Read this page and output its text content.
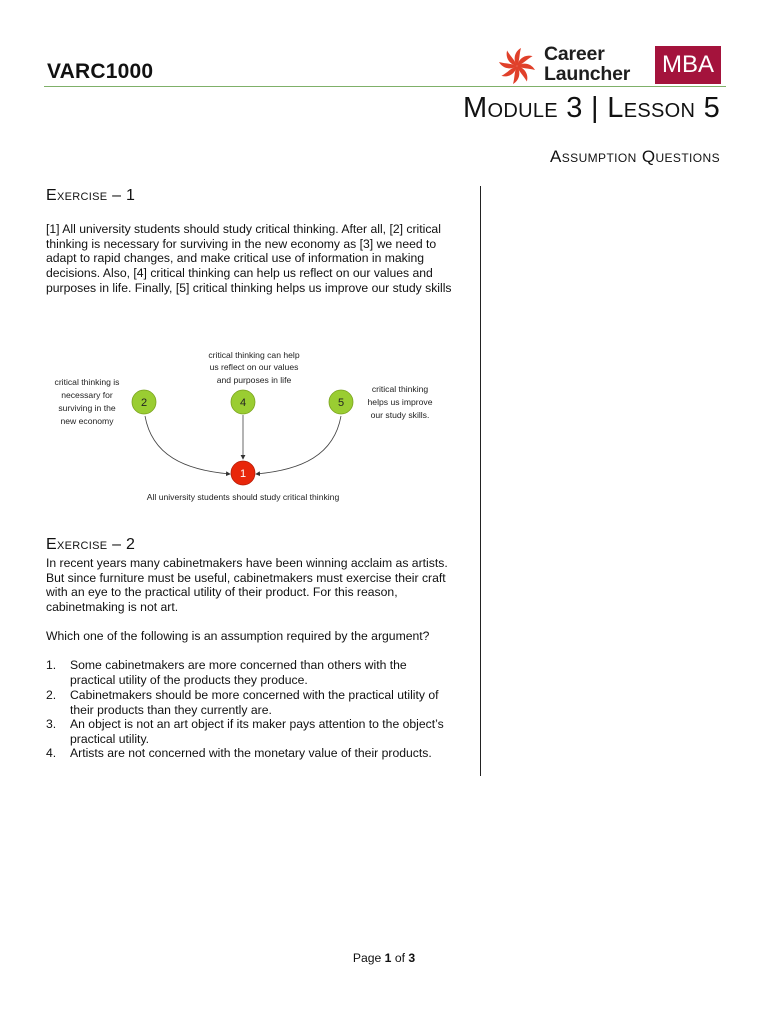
VARC1000
Career
Launcher MBA
Module 3 | Lesson 5
Assumption Questions
Exercise – 1
[1] All university students should study critical thinking. After all, [2] critical
thinking is necessary for surviving in the new economy as [3] we need to
adapt to rapid changes, and make critical use of information in making
decisions. Also, [4] critical thinking can help us reflect on our values and
purposes in life. Finally, [5] critical thinking helps us improve our study skills
2	4	5
1
critical thinking is
necessary for
surviving in the
new economy
critical thinking can help
us reflect on our values
and purposes in life
critical thinking
helps us improve
our study skills.
All university students should study critical thinking
Exercise – 2
In recent years many cabinetmakers have been winning acclaim as artists.
But since furniture must be useful, cabinetmakers must exercise their craft
with an eye to the practical utility of their product. For this reason,
cabinetmaking is not art.
Which one of the following is an assumption required by the argument?
1. Some cabinetmakers are more concerned than others with the
practical utility of the products they produce.
2. Cabinetmakers should be more concerned with the practical utility of
their products than they currently are.
3. An object is not an art object if its maker pays attention to the object’s
practical utility.
4. Artists are not concerned with the monetary value of their products.
Page 1 of 3
